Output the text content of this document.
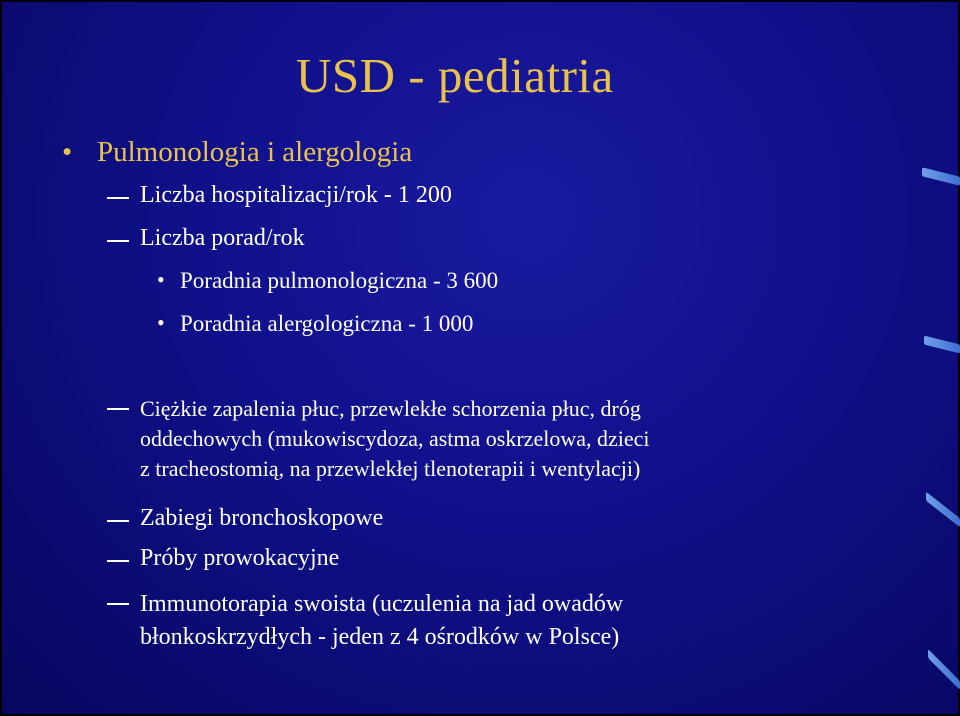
USD - pediatria
• Pulmonologia i alergologia
Liczba hospitalizacji/rok - 1 200
Liczba porad/rok
• Poradnia pulmonologiczna - 3 600
• Poradnia alergologiczna - 1 000
Ciężkie zapalenia płuc, przewlekłe schorzenia płuc, dróg
oddechowych (mukowiscydoza, astma oskrzelowa, dzieci
z tracheostomią, na przewlekłej tlenoterapii i wentylacji)
Zabiegi bronchoskopowe
Próby prowokacyjne
Immunotorapia swoista (uczulenia na jad owadów
błonkoskrzydłych - jeden z 4 ośrodków w Polsce)
